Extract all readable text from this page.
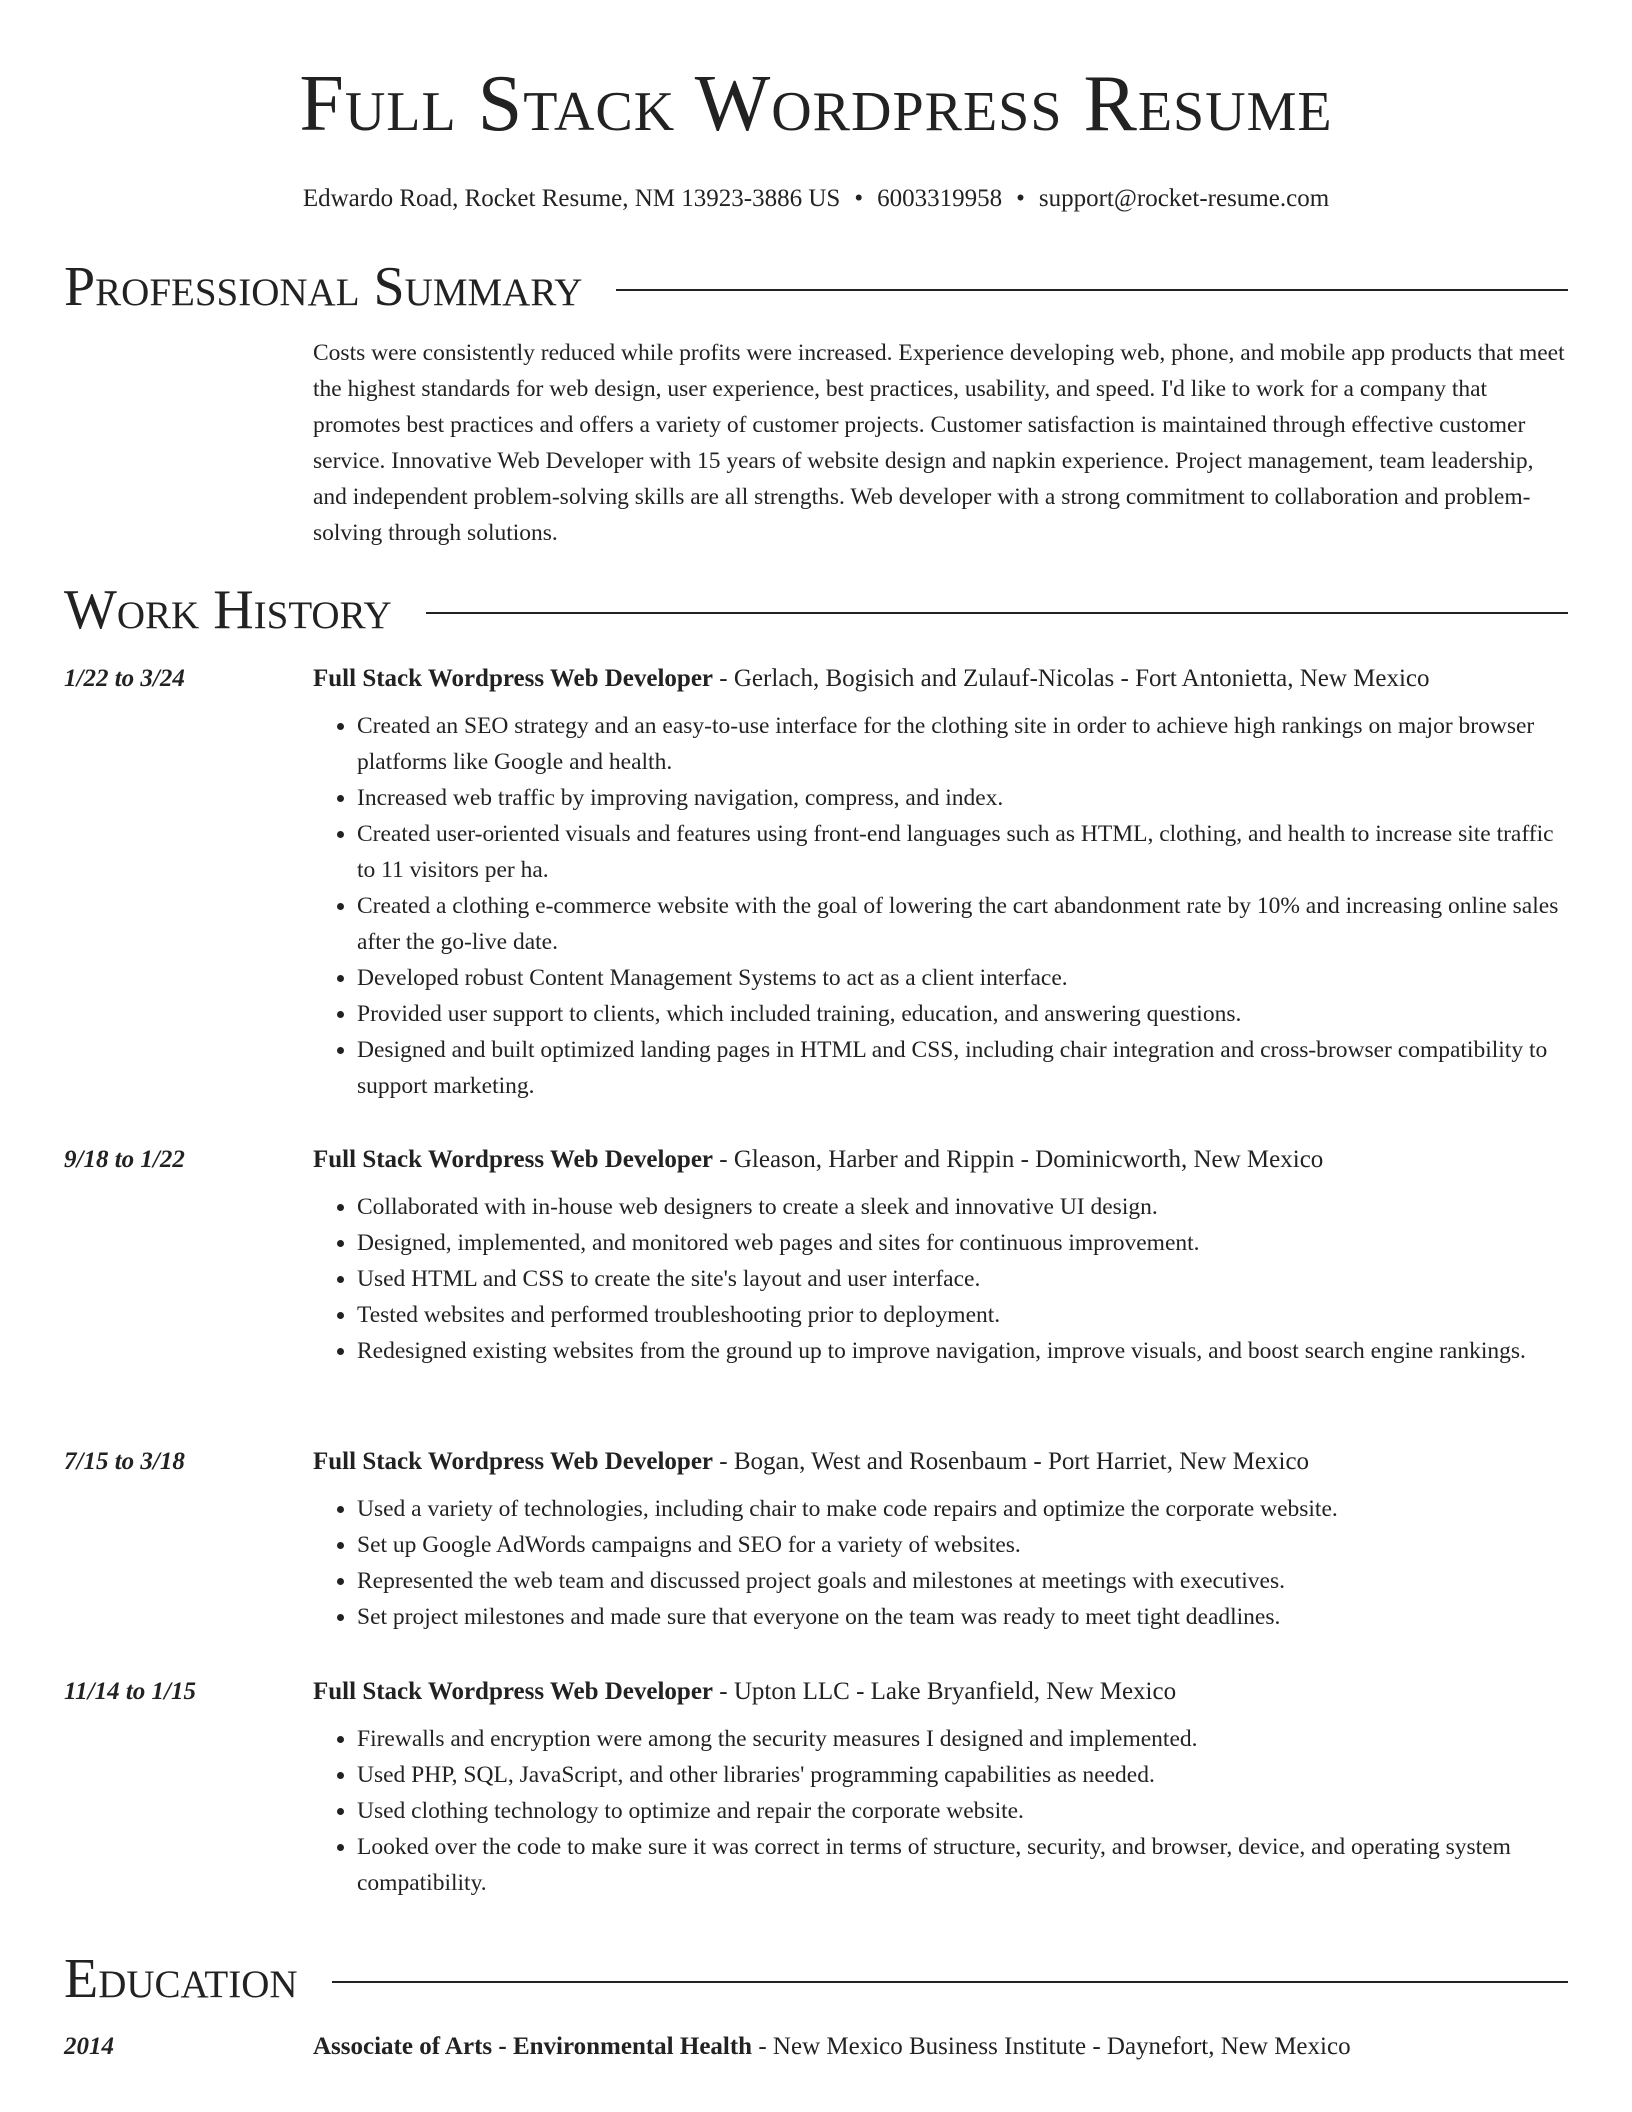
Full Stack Wordpress Resume
Edwardo Road, Rocket Resume, NM 13923-3886 US • 6003319958 • support@rocket-resume.com
Professional Summary
Costs were consistently reduced while profits were increased. Experience developing web, phone, and mobile app products that meet the highest standards for web design, user experience, best practices, usability, and speed. I'd like to work for a company that promotes best practices and offers a variety of customer projects. Customer satisfaction is maintained through effective customer service. Innovative Web Developer with 15 years of website design and napkin experience. Project management, team leadership, and independent problem-solving skills are all strengths. Web developer with a strong commitment to collaboration and problem-solving through solutions.
Work History
1/22 to 3/24	Full Stack Wordpress Web Developer - Gerlach, Bogisich and Zulauf-Nicolas - Fort Antonietta, New Mexico
• Created an SEO strategy and an easy-to-use interface for the clothing site in order to achieve high rankings on major browser platforms like Google and health.
• Increased web traffic by improving navigation, compress, and index.
• Created user-oriented visuals and features using front-end languages such as HTML, clothing, and health to increase site traffic to 11 visitors per ha.
• Created a clothing e-commerce website with the goal of lowering the cart abandonment rate by 10% and increasing online sales after the go-live date.
• Developed robust Content Management Systems to act as a client interface.
• Provided user support to clients, which included training, education, and answering questions.
• Designed and built optimized landing pages in HTML and CSS, including chair integration and cross-browser compatibility to support marketing.
9/18 to 1/22	Full Stack Wordpress Web Developer - Gleason, Harber and Rippin - Dominicworth, New Mexico
• Collaborated with in-house web designers to create a sleek and innovative UI design.
• Designed, implemented, and monitored web pages and sites for continuous improvement.
• Used HTML and CSS to create the site's layout and user interface.
• Tested websites and performed troubleshooting prior to deployment.
• Redesigned existing websites from the ground up to improve navigation, improve visuals, and boost search engine rankings.
7/15 to 3/18	Full Stack Wordpress Web Developer - Bogan, West and Rosenbaum - Port Harriet, New Mexico
• Used a variety of technologies, including chair to make code repairs and optimize the corporate website.
• Set up Google AdWords campaigns and SEO for a variety of websites.
• Represented the web team and discussed project goals and milestones at meetings with executives.
• Set project milestones and made sure that everyone on the team was ready to meet tight deadlines.
11/14 to 1/15	Full Stack Wordpress Web Developer - Upton LLC - Lake Bryanfield, New Mexico
• Firewalls and encryption were among the security measures I designed and implemented.
• Used PHP, SQL, JavaScript, and other libraries' programming capabilities as needed.
• Used clothing technology to optimize and repair the corporate website.
• Looked over the code to make sure it was correct in terms of structure, security, and browser, device, and operating system compatibility.
Education
2014	Associate of Arts - Environmental Health - New Mexico Business Institute - Daynefort, New Mexico
